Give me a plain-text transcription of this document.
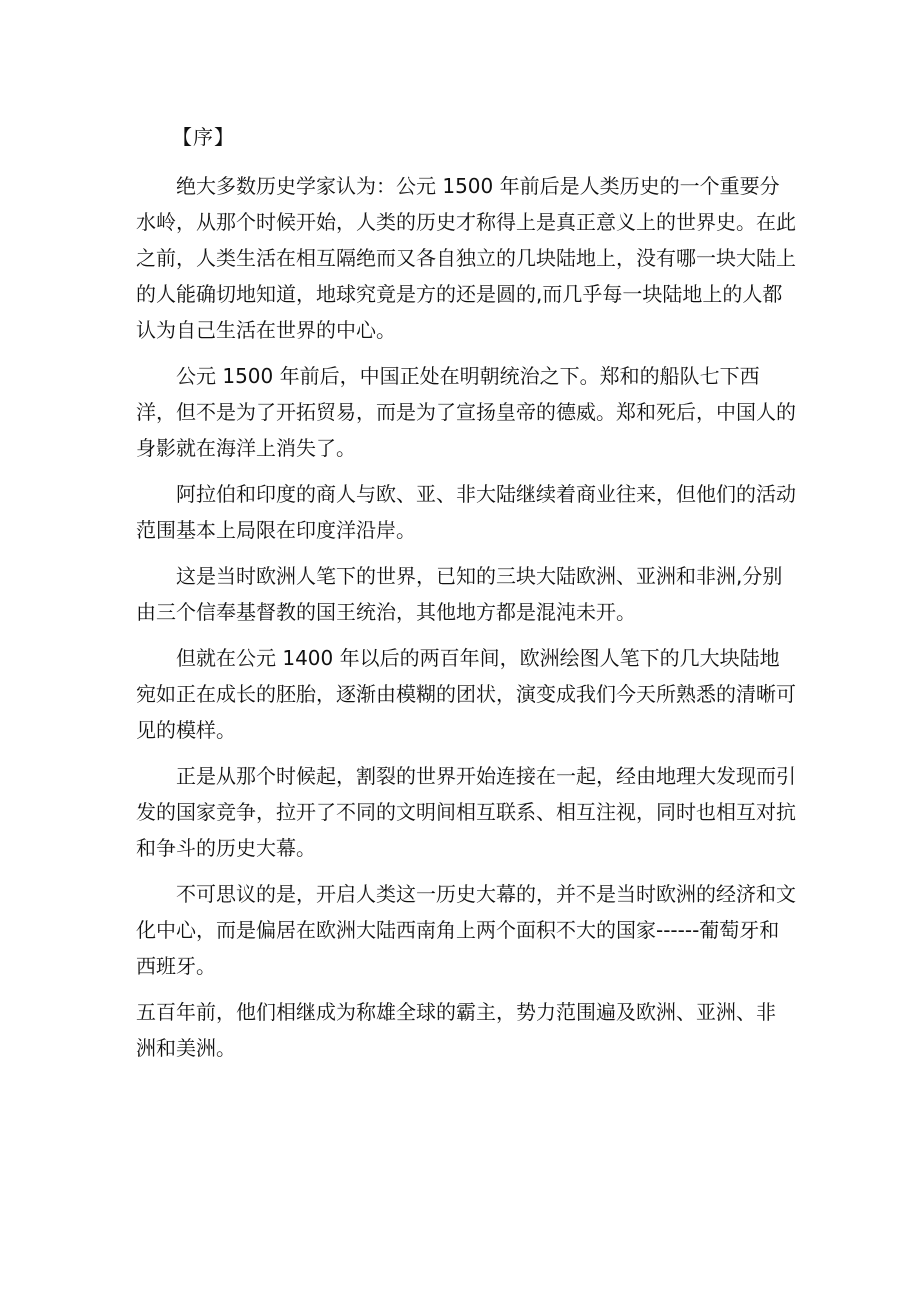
【序】

绝大多数历史学家认为：公元 1500 年前后是人类历史的一个重要分水岭，从那个时候开始，人类的历史才称得上是真正意义上的世界史。在此之前，人类生活在相互隔绝而又各自独立的几块陆地上，没有哪一块大陆上的人能确切地知道，地球究竟是方的还是圆的,而几乎每一块陆地上的人都认为自己生活在世界的中心。

公元 1500 年前后，中国正处在明朝统治之下。郑和的船队七下西洋，但不是为了开拓贸易，而是为了宣扬皇帝的德威。郑和死后，中国人的身影就在海洋上消失了。

阿拉伯和印度的商人与欧、亚、非大陆继续着商业往来，但他们的活动范围基本上局限在印度洋沿岸。

这是当时欧洲人笔下的世界，已知的三块大陆欧洲、亚洲和非洲,分别由三个信奉基督教的国王统治，其他地方都是混沌未开。

但就在公元 1400 年以后的两百年间，欧洲绘图人笔下的几大块陆地宛如正在成长的胚胎，逐渐由模糊的团状，演变成我们今天所熟悉的清晰可见的模样。

正是从那个时候起，割裂的世界开始连接在一起，经由地理大发现而引发的国家竞争，拉开了不同的文明间相互联系、相互注视，同时也相互对抗和争斗的历史大幕。

不可思议的是，开启人类这一历史大幕的，并不是当时欧洲的经济和文化中心，而是偏居在欧洲大陆西南角上两个面积不大的国家------葡萄牙和西班牙。

五百年前，他们相继成为称雄全球的霸主，势力范围遍及欧洲、亚洲、非
洲和美洲。
